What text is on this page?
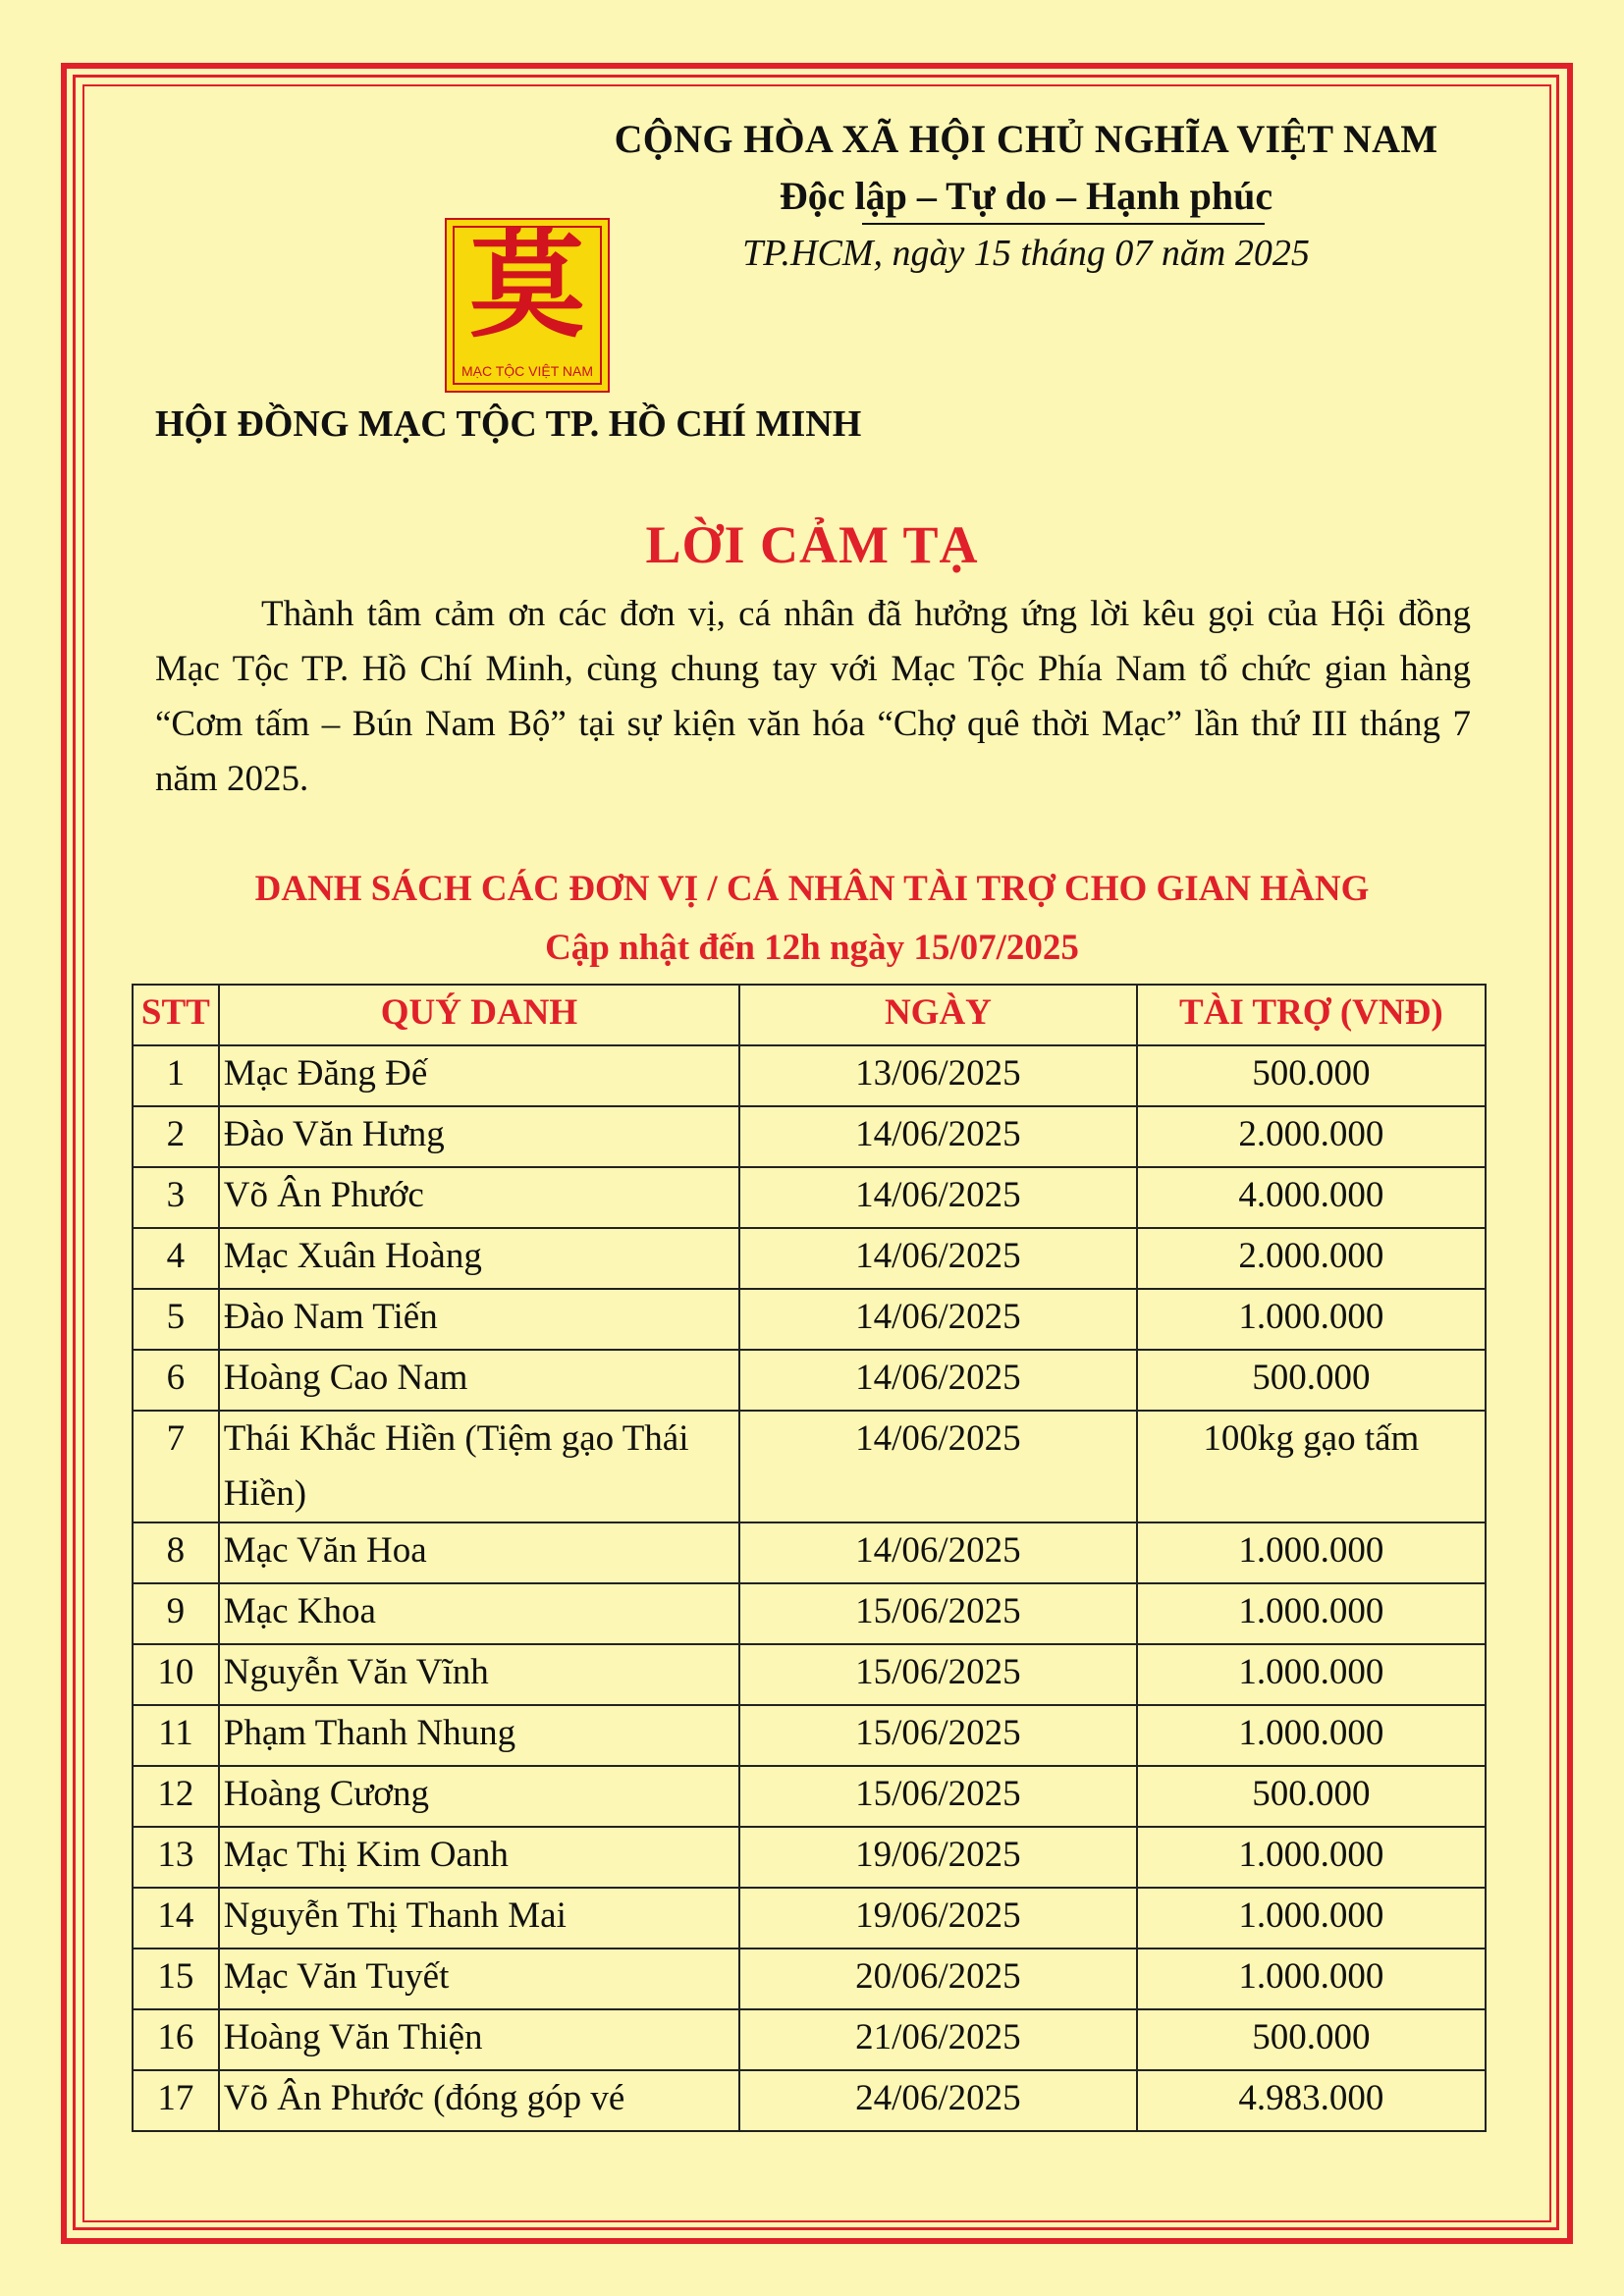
CỘNG HÒA XÃ HỘI CHỦ NGHĨA VIỆT NAM
Độc lập – Tự do – Hạnh phúc
TP.HCM, ngày 15 tháng 07 năm 2025
莫
MẠC TỘC VIỆT NAM
HỘI ĐỒNG MẠC TỘC TP. HỒ CHÍ MINH
LỜI CẢM TẠ
Thành tâm cảm ơn các đơn vị, cá nhân đã hưởng ứng lời kêu gọi của Hội đồng Mạc Tộc TP. Hồ Chí Minh, cùng chung tay với Mạc Tộc Phía Nam tổ chức gian hàng “Cơm tấm – Bún Nam Bộ” tại sự kiện văn hóa “Chợ quê thời Mạc” lần thứ III tháng 7 năm 2025.
DANH SÁCH CÁC ĐƠN VỊ / CÁ NHÂN TÀI TRỢ CHO GIAN HÀNG
Cập nhật đến 12h ngày 15/07/2025
STT	QUÝ DANH	NGÀY	TÀI TRỢ (VNĐ)
1	Mạc Đăng Đế	13/06/2025	500.000
2	Đào Văn Hưng	14/06/2025	2.000.000
3	Võ Ân Phước	14/06/2025	4.000.000
4	Mạc Xuân Hoàng	14/06/2025	2.000.000
5	Đào Nam Tiến	14/06/2025	1.000.000
6	Hoàng Cao Nam	14/06/2025	500.000
7	Thái Khắc Hiền (Tiệm gạo Thái Hiền)	14/06/2025	100kg gạo tấm
8	Mạc Văn Hoa	14/06/2025	1.000.000
9	Mạc Khoa	15/06/2025	1.000.000
10	Nguyễn Văn Vĩnh	15/06/2025	1.000.000
11	Phạm Thanh Nhung	15/06/2025	1.000.000
12	Hoàng Cương	15/06/2025	500.000
13	Mạc Thị Kim Oanh	19/06/2025	1.000.000
14	Nguyễn Thị Thanh Mai	19/06/2025	1.000.000
15	Mạc Văn Tuyết	20/06/2025	1.000.000
16	Hoàng Văn Thiện	21/06/2025	500.000
17	Võ Ân Phước (đóng góp vé	24/06/2025	4.983.000
